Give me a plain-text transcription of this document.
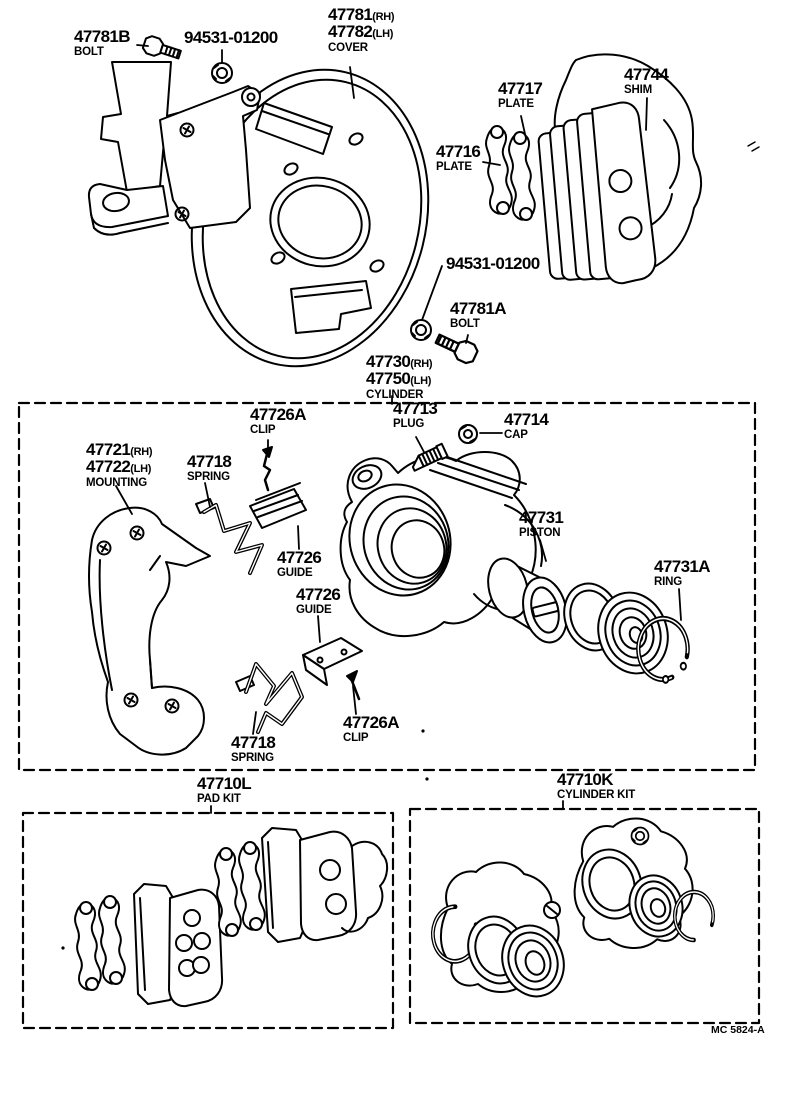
47781B
BOLT
94531-01200
47781(RH)
47782(LH)
COVER
47717
PLATE
47744
SHIM
47716
PLATE
94531-01200
47781A
BOLT
47730(RH)
47750(LH)
CYLINDER
47726A
CLIP
47713
PLUG	47714
CAP
47721(RH)
47722(LH)
MOUNTING
47718
SPRING
47726
GUIDE
47731
PISTON
47731A
RING
47726
GUIDE
47726A
CLIP
47718
SPRING
47710L
PAD KIT
47710K
CYLINDER KIT
MC 5824-A
